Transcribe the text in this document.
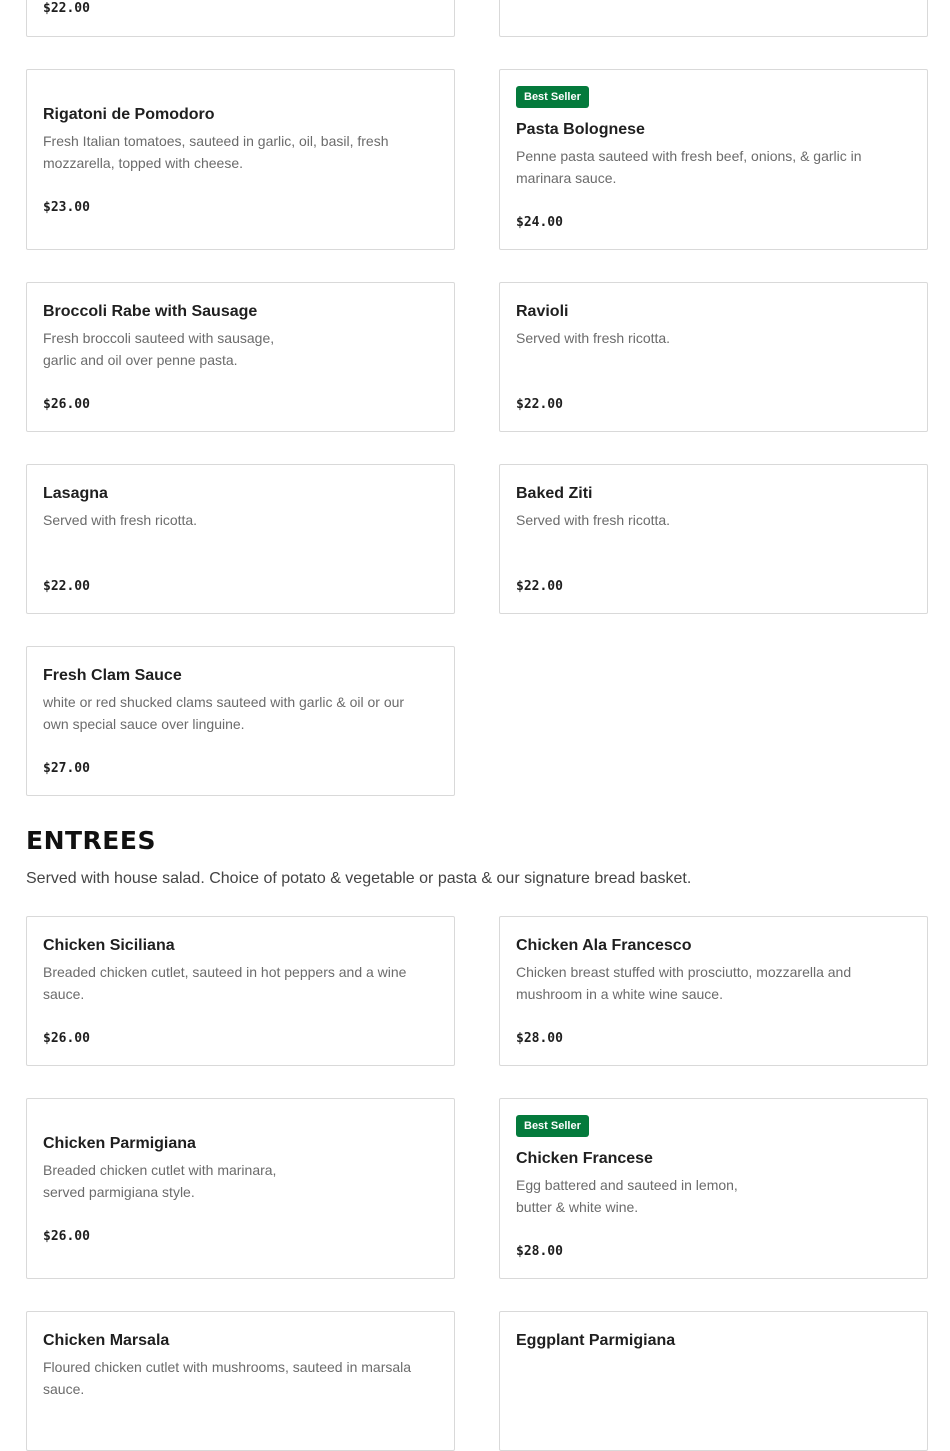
$22.00
Rigatoni de Pomodoro
Fresh Italian tomatoes, sauteed in garlic, oil, basil, fresh mozzarella, topped with cheese.
$23.00
Best Seller
Pasta Bolognese
Penne pasta sauteed with fresh beef, onions, & garlic in marinara sauce.
$24.00
Broccoli Rabe with Sausage
Fresh broccoli sauteed with sausage, garlic and oil over penne pasta.
$26.00
Ravioli
Served with fresh ricotta.
$22.00
Lasagna
Served with fresh ricotta.
$22.00
Baked Ziti
Served with fresh ricotta.
$22.00
Fresh Clam Sauce
white or red shucked clams sauteed with garlic & oil or our own special sauce over linguine.
$27.00
ENTREES

Served with house salad. Choice of potato & vegetable or pasta & our signature bread basket.

Chicken Siciliana
Breaded chicken cutlet, sauteed in hot peppers and a wine sauce.
$26.00
Chicken Ala Francesco
Chicken breast stuffed with prosciutto, mozzarella and mushroom in a white wine sauce.
$28.00
Chicken Parmigiana
Breaded chicken cutlet with marinara, served parmigiana style.
$26.00
Best Seller
Chicken Francese
Egg battered and sauteed in lemon, butter & white wine.
$28.00
Chicken Marsala
Floured chicken cutlet with mushrooms, sauteed in marsala sauce.
Eggplant Parmigiana
